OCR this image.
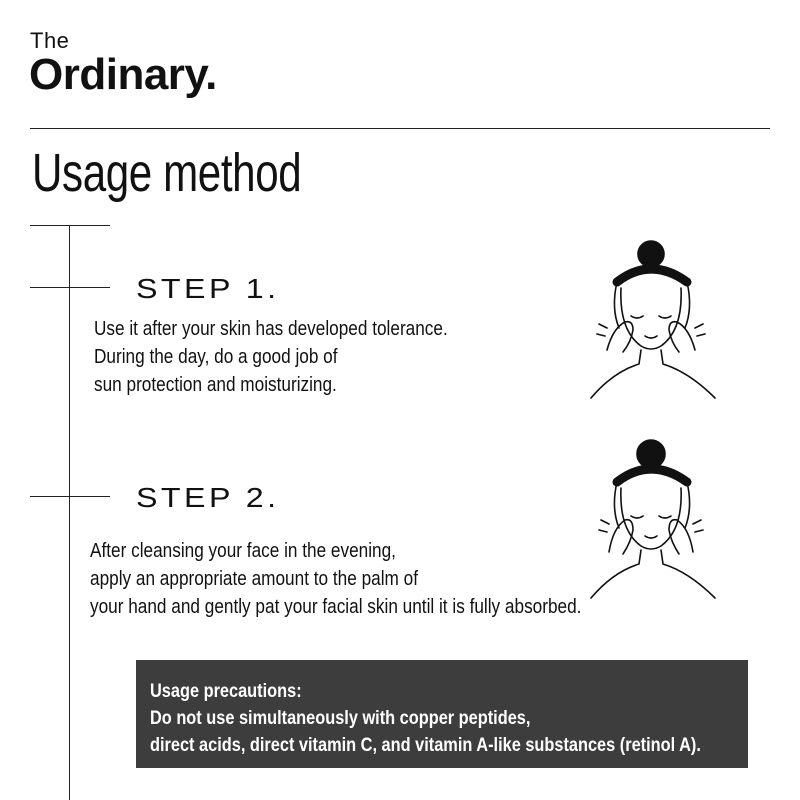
The
Ordinary.
Usage method
STEP 1.
Use it after your skin has developed tolerance.
During the day, do a good job of
sun protection and moisturizing.
STEP 2.
After cleansing your face in the evening,
apply an appropriate amount to the palm of
your hand and gently pat your facial skin until it is fully absorbed.
Usage precautions:
Do not use simultaneously with copper peptides,
direct acids, direct vitamin C, and vitamin A-like substances (retinol A).
